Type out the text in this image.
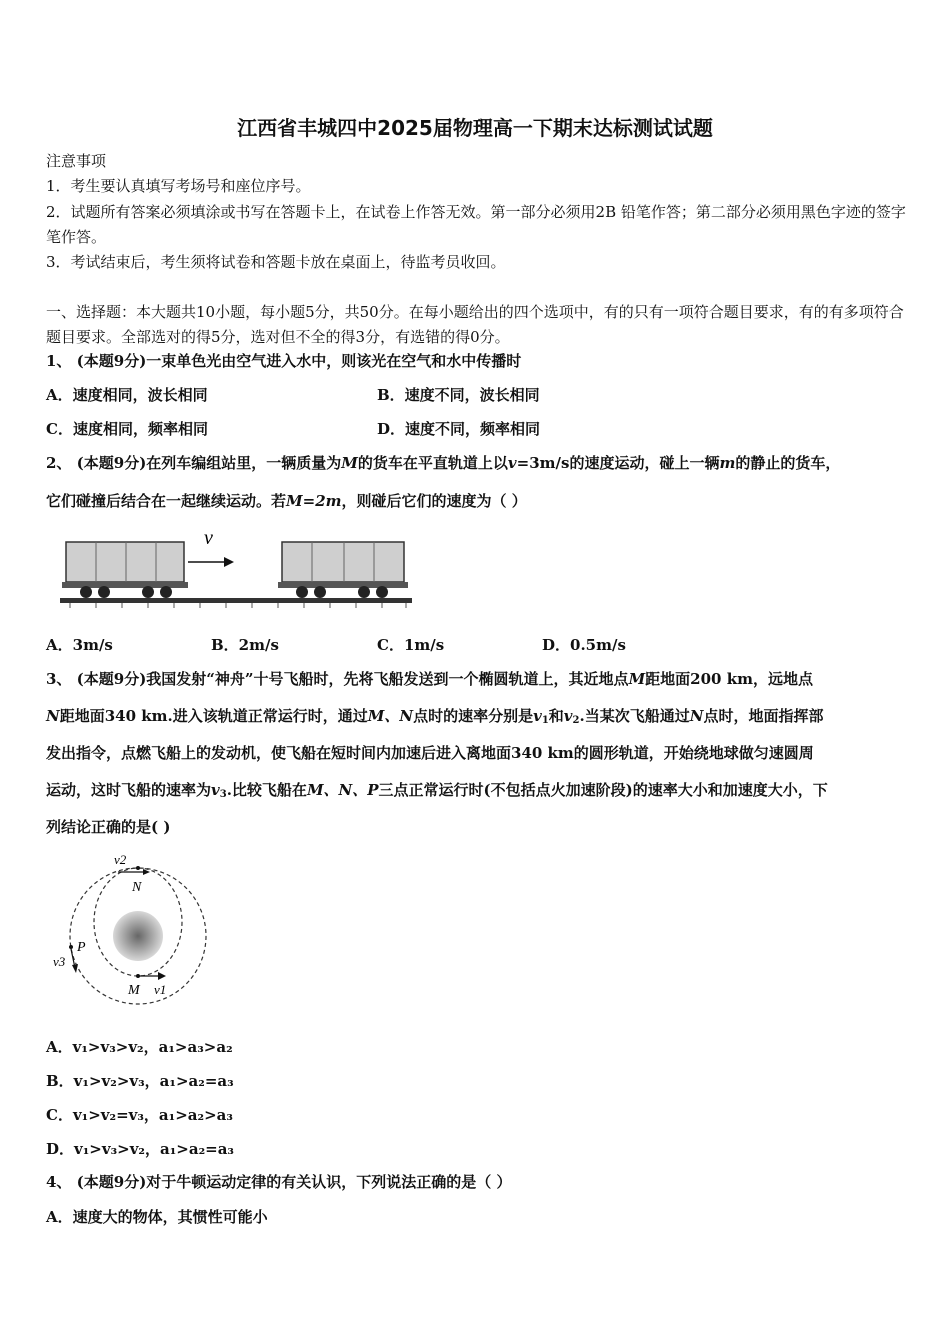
江西省丰城四中2025届物理高一下期末达标测试试题
注意事项
1．考生要认真填写考场号和座位序号。
2．试题所有答案必须填涂或书写在答题卡上，在试卷上作答无效。第一部分必须用2B 铅笔作答；第二部分必须用黑色字迹的签字笔作答。
3．考试结束后，考生须将试卷和答题卡放在桌面上，待监考员收回。
一、选择题：本大题共10小题，每小题5分，共50分。在每小题给出的四个选项中，有的只有一项符合题目要求，有的有多项符合题目要求。全部选对的得5分，选对但不全的得3分，有选错的得0分。
1、 (本题9分)一束单色光由空气进入水中，则该光在空气和水中传播时
A．速度相同，波长相同	B．速度不同，波长相同
C．速度相同，频率相同	D．速度不同，频率相同
2、 (本题9分)在列车编组站里，一辆质量为M的货车在平直轨道上以v=3m/s的速度运动，碰上一辆m的静止的货车，
它们碰撞后结合在一起继续运动。若M=2m，则碰后它们的速度为（ ）
v
A．3m/s	B．2m/s	C．1m/s	D．0.5m/s
3、 (本题9分)我国发射“神舟”十号飞船时，先将飞船发送到一个椭圆轨道上，其近地点M距地面200 km，远地点
N距地面340 km.进入该轨道正常运行时，通过M、N点时的速率分别是$v_1$和$v_2$.当某次飞船通过N点时，地面指挥部
发出指令，点燃飞船上的发动机，使飞船在短时间内加速后进入离地面340 km的圆形轨道，开始绕地球做匀速圆周
运动，这时飞船的速率为$v_3$.比较飞船在M、N、P三点正常运行时(不包括点火加速阶段)的速率大小和加速度大小，下
列结论正确的是( )
v2
N
P
v3
M v1
A．v₁>v₃>v₂，a₁>a₃>a₂
B．v₁>v₂>v₃，a₁>a₂=a₃
C．v₁>v₂=v₃，a₁>a₂>a₃
D．v₁>v₃>v₂，a₁>a₂=a₃
4、 (本题9分)对于牛顿运动定律的有关认识，下列说法正确的是（ ）
A．速度大的物体，其惯性可能小
